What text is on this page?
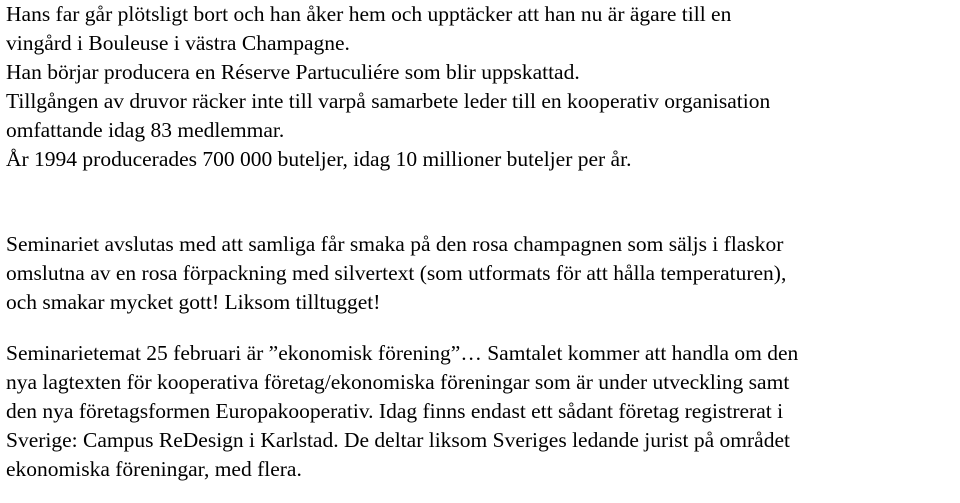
Hans far går plötsligt bort och han åker hem och upptäcker att han nu är ägare till en
vingård i Bouleuse i västra Champagne.
Han börjar producera en Réserve Partuculiére som blir uppskattad.
Tillgången av druvor räcker inte till varpå samarbete leder till en kooperativ organisation
omfattande idag 83 medlemmar.
År 1994 producerades 700 000 buteljer, idag 10 millioner buteljer per år.
Seminariet avslutas med att samliga får smaka på den rosa champagnen som säljs i flaskor
omslutna av en rosa förpackning med silvertext (som utformats för att hålla temperaturen),
och smakar mycket gott! Liksom tilltugget!
Seminarietemat 25 februari är ”ekonomisk förening”… Samtalet kommer att handla om den
nya lagtexten för kooperativa företag/ekonomiska föreningar som är under utveckling samt
den nya företagsformen Europakooperativ. Idag finns endast ett sådant företag registrerat i
Sverige: Campus ReDesign i Karlstad. De deltar liksom Sveriges ledande jurist på området
ekonomiska föreningar, med flera.
